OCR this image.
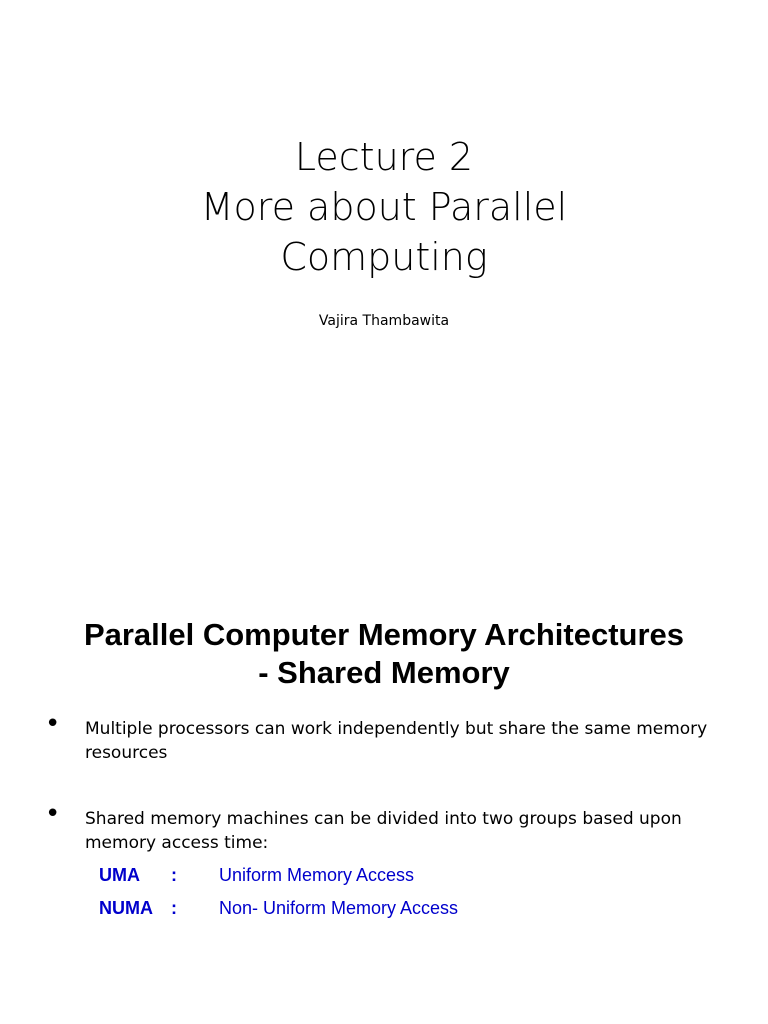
Lecture 2
More about Parallel
Computing
Vajira Thambawita
Parallel Computer Memory Architectures
- Shared Memory
• Multiple processors can work independently but share the same memory resources
• Shared memory machines can be divided into two groups based upon memory access time:
UMA : Uniform Memory Access
NUMA : Non- Uniform Memory Access
